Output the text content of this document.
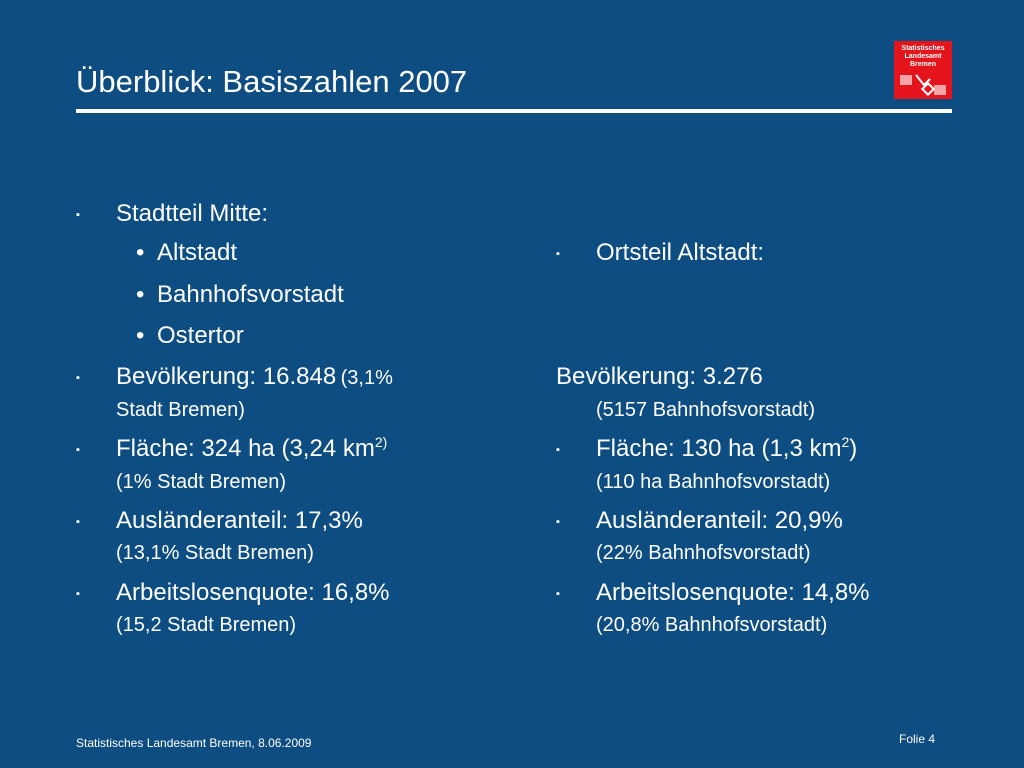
Überblick: Basiszahlen 2007
Statistisches
Landesamt
Bremen
▪ Stadtteil Mitte:
• Altstadt
• Bahnhofsvorstadt
• Ostertor
▪ Bevölkerung: 16.848 (3,1%
Stadt Bremen)
▪ Fläche: 324 ha (3,24 $km^{2)}$
(1% Stadt Bremen)
▪ Ausländeranteil: 17,3%
(13,1% Stadt Bremen)
▪ Arbeitslosenquote: 16,8%
(15,2 Stadt Bremen)
▪ Ortsteil Altstadt:
Bevölkerung: 3.276
(5157 Bahnhofsvorstadt)
▪ Fläche: 130 ha (1,3 $km^2$)
(110 ha Bahnhofsvorstadt)
▪ Ausländeranteil: 20,9%
(22% Bahnhofsvorstadt)
▪ Arbeitslosenquote: 14,8%
(20,8% Bahnhofsvorstadt)
Statistisches Landesamt Bremen, 8.06.2009	Folie 4
